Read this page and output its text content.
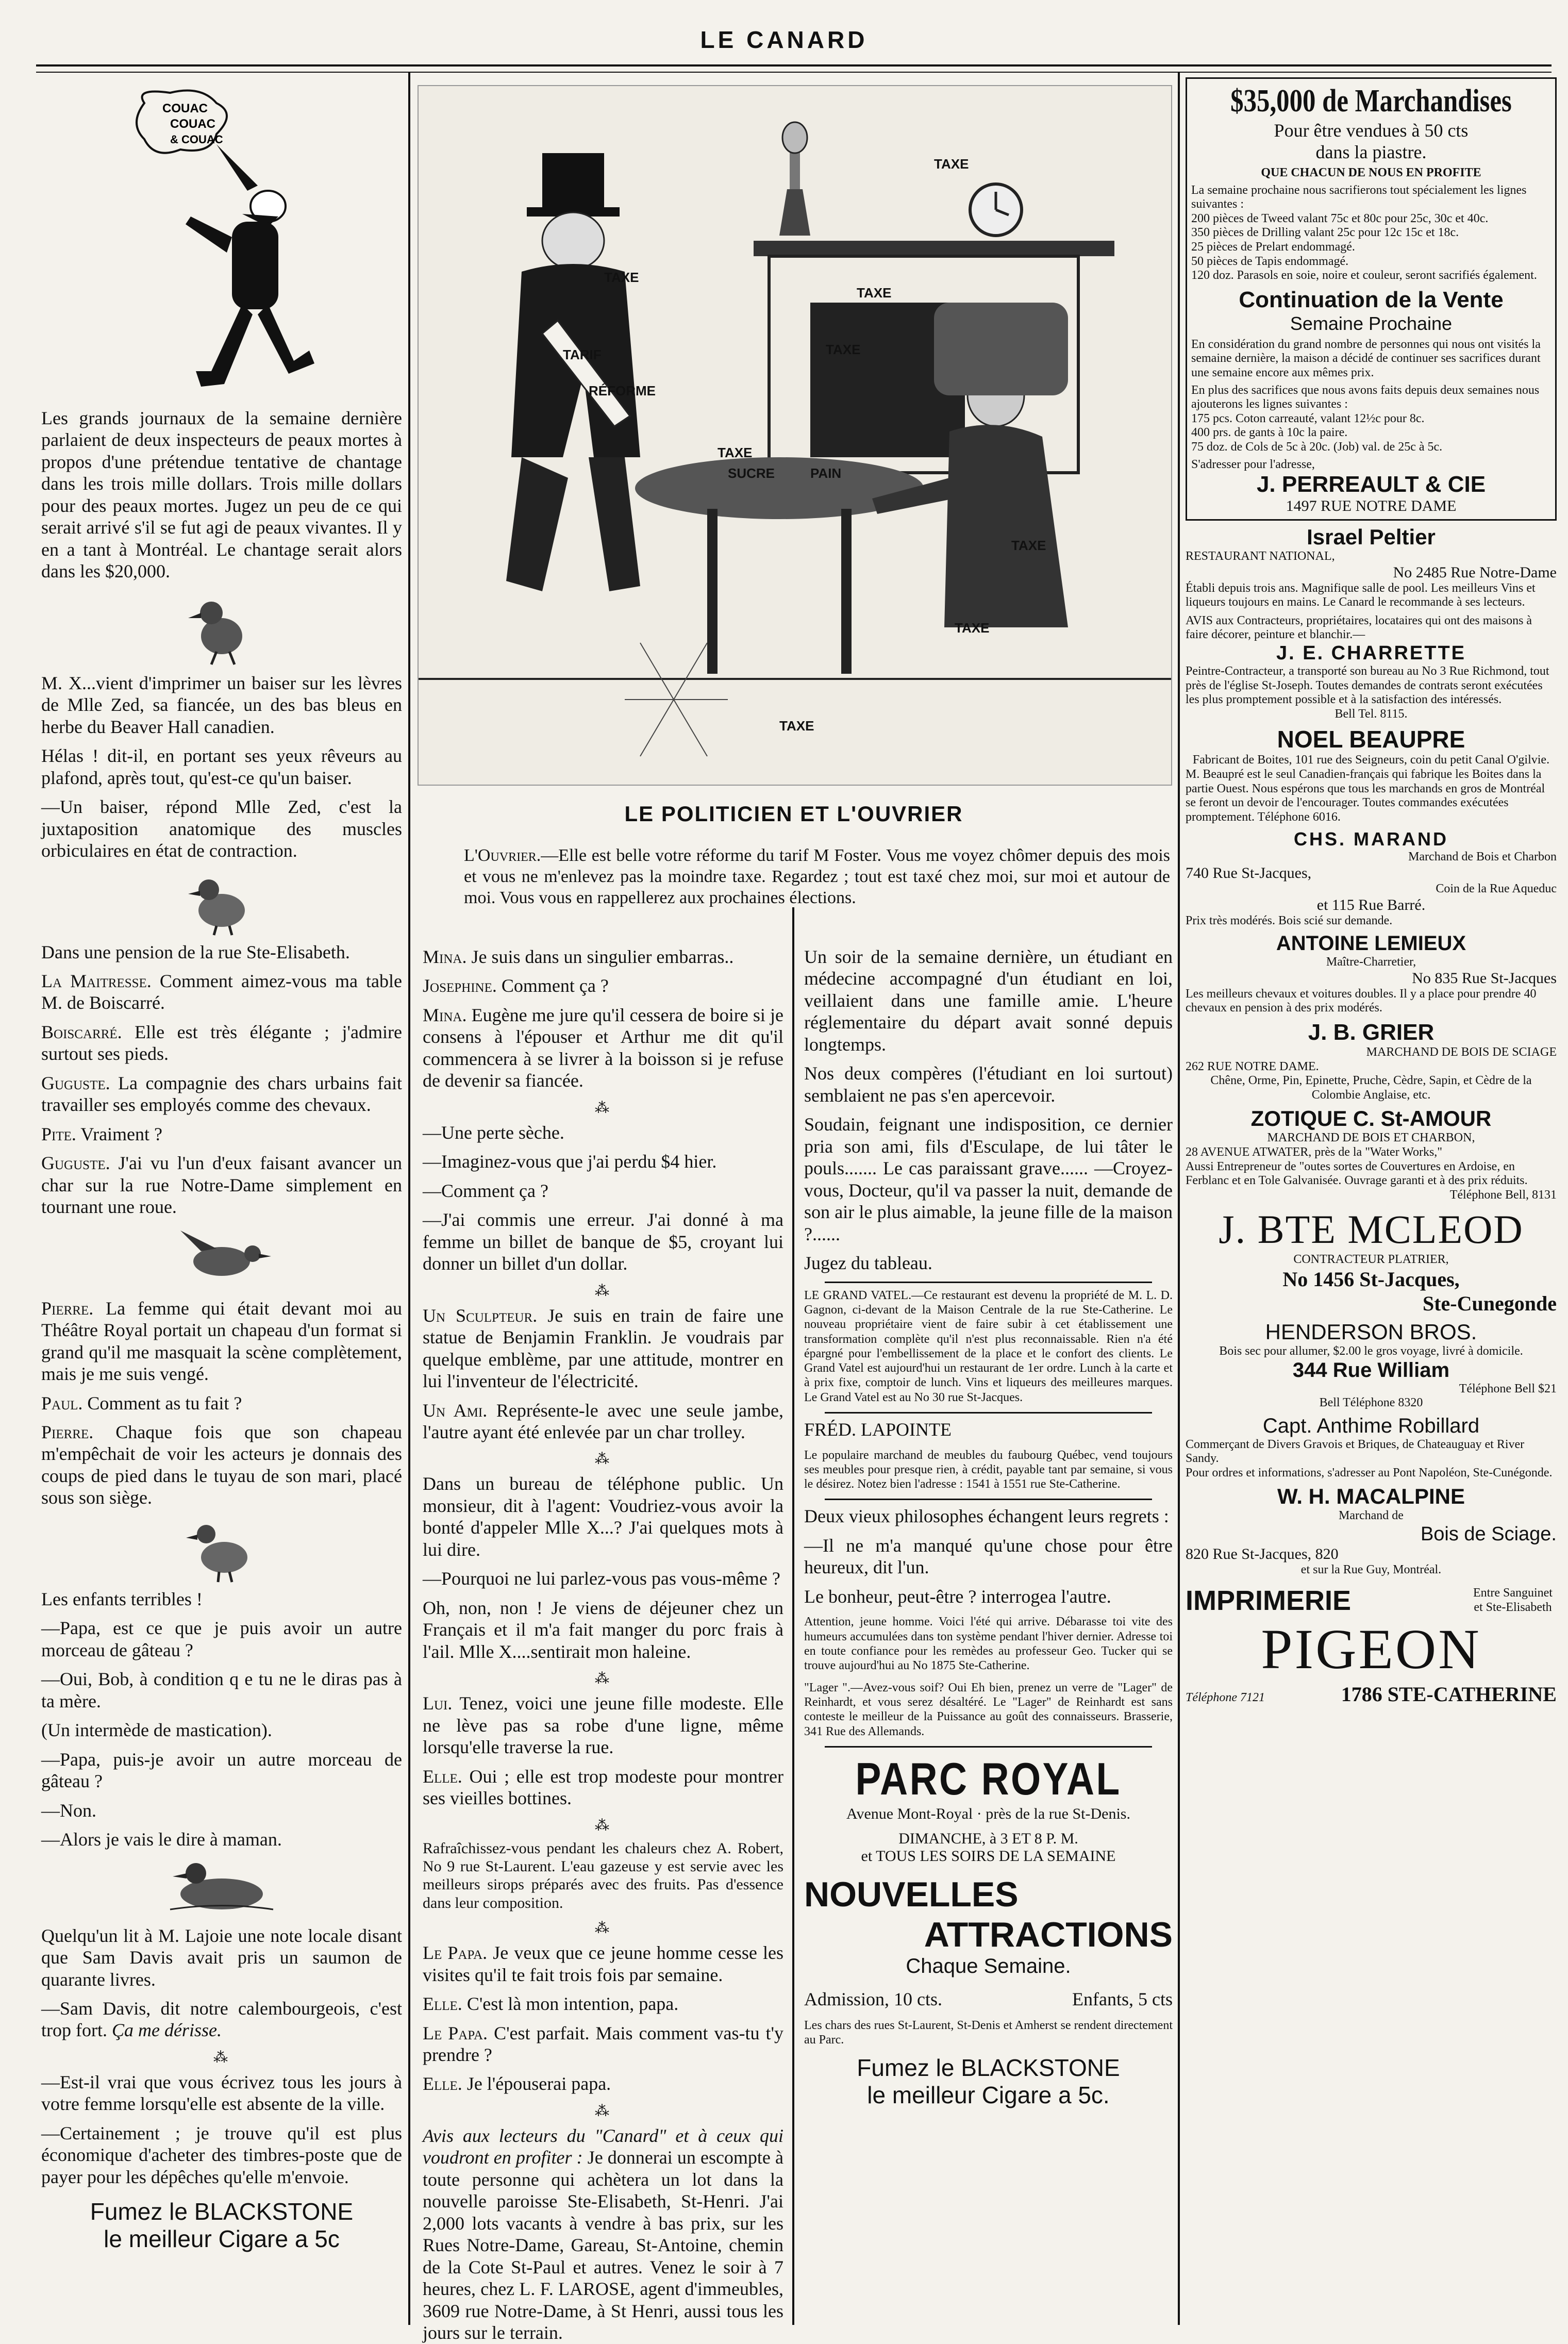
LE CANARD
COUAC
COUAC
& COUAC

Les grands journaux de la semaine dernière parlaient de deux inspecteurs de peaux mortes à propos d'une prétendue tentative de chantage dans les trois mille dollars. Trois mille dollars pour des peaux mortes. Jugez un peu de ce qui serait arrivé s'il se fut agi de peaux vivantes. Il y en a tant à Montréal. Le chantage serait alors dans les $20,000.

M. X...vient d'imprimer un baiser sur les lèvres de Mlle Zed, sa fiancée, un des bas bleus en herbe du Beaver Hall canadien.

Hélas ! dit-il, en portant ses yeux rêveurs au plafond, après tout, qu'est-ce qu'un baiser.

—Un baiser, répond Mlle Zed, c'est la juxtaposition anatomique des muscles orbiculaires en état de contraction.

Dans une pension de la rue Ste-Elisabeth.

La Maitresse. Comment aimez-vous ma table M. de Boiscarré.

Boiscarré. Elle est très élégante ; j'admire surtout ses pieds.

Guguste. La compagnie des chars urbains fait travailler ses employés comme des chevaux.

Pite. Vraiment ?

Guguste. J'ai vu l'un d'eux faisant avancer un char sur la rue Notre-Dame simplement en tournant une roue.

Pierre. La femme qui était devant moi au Théâtre Royal portait un chapeau d'un format si grand qu'il me masquait la scène complètement, mais je me suis vengé.

Paul. Comment as tu fait ?

Pierre. Chaque fois que son chapeau m'empêchait de voir les acteurs je donnais des coups de pied dans le tuyau de son mari, placé sous son siège.

Les enfants terribles !

—Papa, est ce que je puis avoir un autre morceau de gâteau ?

—Oui, Bob, à condition q e tu ne le diras pas à ta mère.

(Un intermède de mastication).

—Papa, puis-je avoir un autre morceau de gâteau ?

—Non.

—Alors je vais le dire à maman.

Quelqu'un lit à M. Lajoie une note locale disant que Sam Davis avait pris un saumon de quarante livres.

—Sam Davis, dit notre calembourgeois, c'est trop fort. Ça me dérisse.

⁂

—Est-il vrai que vous écrivez tous les jours à votre femme lorsqu'elle est absente de la ville.

—Certainement ; je trouve qu'il est plus économique d'acheter des timbres-poste que de payer pour les dépêches qu'elle m'envoie.

Fumez le BLACKSTONE
le meilleur Cigare a 5c
TAXE
TAXE
TAXE
TAXE
TARIF
RÉFORME
TAXE
SUCRE	PAIN
TAXE
TAXE
TAXE
LE POLITICIEN ET L'OUVRIER
L'Ouvrier.—Elle est belle votre réforme du tarif M Foster. Vous me voyez chômer depuis des mois et vous ne m'enlevez pas la moindre taxe. Regardez ; tout est taxé chez moi, sur moi et autour de moi. Vous vous en rappellerez aux prochaines élections.

Mina. Je suis dans un singulier embarras..

Josephine. Comment ça ?

Mina. Eugène me jure qu'il cessera de boire si je consens à l'épouser et Arthur me dit qu'il commencera à se livrer à la boisson si je refuse de devenir sa fiancée.

⁂

—Une perte sèche.

—Imaginez-vous que j'ai perdu $4 hier.

—Comment ça ?

—J'ai commis une erreur. J'ai donné à ma femme un billet de banque de $5, croyant lui donner un billet d'un dollar.

⁂

Un Sculpteur. Je suis en train de faire une statue de Benjamin Franklin. Je voudrais par quelque emblème, par une attitude, montrer en lui l'inventeur de l'électricité.

Un Ami. Représente-le avec une seule jambe, l'autre ayant été enlevée par un char trolley.

⁂

Dans un bureau de téléphone public. Un monsieur, dit à l'agent: Voudriez-vous avoir la bonté d'appeler Mlle X...? J'ai quelques mots à lui dire.

—Pourquoi ne lui parlez-vous pas vous-même ?

Oh, non, non ! Je viens de déjeuner chez un Français et il m'a fait manger du porc frais à l'ail. Mlle X....sentirait mon haleine.

⁂

Lui. Tenez, voici une jeune fille modeste. Elle ne lève pas sa robe d'une ligne, même lorsqu'elle traverse la rue.

Elle. Oui ; elle est trop modeste pour montrer ses vieilles bottines.

⁂

Rafraîchissez-vous pendant les chaleurs chez A. Robert, No 9 rue St-Laurent. L'eau gazeuse y est servie avec les meilleurs sirops préparés avec des fruits. Pas d'essence dans leur composition.

⁂

Le Papa. Je veux que ce jeune homme cesse les visites qu'il te fait trois fois par semaine.

Elle. C'est là mon intention, papa.

Le Papa. C'est parfait. Mais comment vas-tu t'y prendre ?

Elle. Je l'épouserai papa.

⁂

Avis aux lecteurs du "Canard" et à ceux qui voudront en profiter : Je donnerai un escompte à toute personne qui achètera un lot dans la nouvelle paroisse Ste-Elisabeth, St-Henri. J'ai 2,000 lots vacants à vendre à bas prix, sur les Rues Notre-Dame, Gareau, St-Antoine, chemin de la Cote St-Paul et autres. Venez le soir à 7 heures, chez L. F. LAROSE, agent d'immeubles, 3609 rue Notre-Dame, à St Henri, aussi tous les jours sur le terrain.

Un soir de la semaine dernière, un étudiant en médecine accompagné d'un étudiant en loi, veillaient dans une famille amie. L'heure réglementaire du départ avait sonné depuis longtemps.

Nos deux compères (l'étudiant en loi surtout) semblaient ne pas s'en apercevoir.

Soudain, feignant une indisposition, ce dernier pria son ami, fils d'Esculape, de lui tâter le pouls....... Le cas paraissant grave...... —Croyez-vous, Docteur, qu'il va passer la nuit, demande de son air le plus aimable, la jeune fille de la maison ?......

Jugez du tableau.

LE GRAND VATEL.—Ce restaurant est devenu la propriété de M. L. D. Gagnon, ci-devant de la Maison Centrale de la rue Ste-Catherine. Le nouveau propriétaire vient de faire subir à cet établissement une transformation complète qu'il n'est plus reconnaissable. Rien n'a été épargné pour l'embellissement de la place et le confort des clients. Le Grand Vatel est aujourd'hui un restaurant de 1er ordre. Lunch à la carte et à prix fixe, comptoir de lunch. Vins et liqueurs des meilleures marques. Le Grand Vatel est au No 30 rue St-Jacques.

FRÉD. LAPOINTE

Le populaire marchand de meubles du faubourg Québec, vend toujours ses meubles pour presque rien, à crédit, payable tant par semaine, si vous le désirez. Notez bien l'adresse : 1541 à 1551 rue Ste-Catherine.

Deux vieux philosophes échangent leurs regrets :

—Il ne m'a manqué qu'une chose pour être heureux, dit l'un.

Le bonheur, peut-être ? interrogea l'autre.

Attention, jeune homme. Voici l'été qui arrive. Débarasse toi vite des humeurs accumulées dans ton système pendant l'hiver dernier. Adresse toi en toute confiance pour les remèdes au professeur Geo. Tucker qui se trouve aujourd'hui au No 1875 Ste-Catherine.

"Lager ".—Avez-vous soif? Oui Eh bien, prenez un verre de "Lager" de Reinhardt, et vous serez désaltéré. Le "Lager" de Reinhardt est sans conteste le meilleur de la Puissance au goût des connaisseurs. Brasserie, 341 Rue des Allemands.

PARC ROYAL
Avenue Mont-Royal · près de la rue St-Denis.
DIMANCHE, à 3 ET 8 P. M.
et TOUS LES SOIRS DE LA SEMAINE
NOUVELLES
ATTRACTIONS
Chaque Semaine.
Admission, 10 cts.	Enfants, 5 cts

Les chars des rues St-Laurent, St-Denis et Amherst se rendent directement au Parc.

Fumez le BLACKSTONE
le meilleur Cigare a 5c.
$35,000 de Marchandises
Pour être vendues à 50 cts
dans la piastre.
QUE CHACUN DE NOUS EN PROFITE
La semaine prochaine nous sacrifierons tout spécialement les lignes suivantes :
200 pièces de Tweed valant 75c et 80c pour 25c, 30c et 40c.
350 pièces de Drilling valant 25c pour 12c 15c et 18c.
25 pièces de Prelart endommagé.
50 pièces de Tapis endommagé.
120 doz. Parasols en soie, noire et couleur, seront sacrifiés également.
Continuation de la Vente
Semaine Prochaine
En considération du grand nombre de personnes qui nous ont visités la semaine dernière, la maison a décidé de continuer ses sacrifices durant une semaine encore aux mêmes prix.
En plus des sacrifices que nous avons faits depuis deux semaines nous ajouterons les lignes suivantes :
175 pcs. Coton carreauté, valant 12½c pour 8c.
400 prs. de gants à 10c la paire.
75 doz. de Cols de 5c à 20c. (Job) val. de 25c à 5c.
S'adresser pour l'adresse,
J. PERREAULT & CIE
1497 RUE NOTRE DAME
Israel Peltier
RESTAURANT NATIONAL,
No 2485 Rue Notre-Dame
Établi depuis trois ans. Magnifique salle de pool. Les meilleurs Vins et liqueurs toujours en mains. Le Canard le recommande à ses lecteurs.
AVIS aux Contracteurs, propriétaires, locataires qui ont des maisons à faire décorer, peinture et blanchir.—
J. E. CHARRETTE
Peintre-Contracteur, a transporté son bureau au No 3 Rue Richmond, tout près de l'église St-Joseph. Toutes demandes de contrats seront exécutées les plus promptement possible et à la satisfaction des intéressés.
Bell Tel. 8115.
NOEL BEAUPRE
Fabricant de Boites, 101 rue des Seigneurs, coin du petit Canal O'gilvie.
M. Beaupré est le seul Canadien-français qui fabrique les Boites dans la partie Ouest. Nous espérons que tous les marchands en gros de Montréal se feront un devoir de l'encourager. Toutes commandes exécutées promptement. Téléphone 6016.
CHS. MARAND
Marchand de Bois et Charbon
740 Rue St-Jacques,
Coin de la Rue Aqueduc
et 115 Rue Barré.
Prix très modérés. Bois scié sur demande.
ANTOINE LEMIEUX
Maître-Charretier,
No 835 Rue St-Jacques
Les meilleurs chevaux et voitures doubles. Il y a place pour prendre 40 chevaux en pension à des prix modérés.
J. B. GRIER
MARCHAND DE BOIS DE SCIAGE
262 RUE NOTRE DAME.
Chêne, Orme, Pin, Epinette, Pruche, Cèdre, Sapin, et Cèdre de la Colombie Anglaise, etc.
ZOTIQUE C. St-AMOUR
MARCHAND DE BOIS ET CHARBON,
28 AVENUE ATWATER, près de la "Water Works,"
Aussi Entrepreneur de "outes sortes de Couvertures en Ardoise, en Ferblanc et en Tole Galvanisée. Ouvrage garanti et à des prix réduits.
Téléphone Bell, 8131
J. BTE MCLEOD
CONTRACTEUR PLATRIER,
No 1456 St-Jacques,
Ste-Cunegonde
HENDERSON BROS.
Bois sec pour allumer, $2.00 le gros voyage, livré à domicile.
344 Rue William
Téléphone Bell $21
Bell Téléphone 8320
Capt. Anthime Robillard
Commerçant de Divers Gravois et Briques, de Chateauguay et River Sandy.
Pour ordres et informations, s'adresser au Pont Napoléon, Ste-Cunégonde.
W. H. MACALPINE
Marchand de
Bois de Sciage.
820 Rue St-Jacques, 820
et sur la Rue Guy, Montréal.
IMPRIMERIE	Entre Sanguinet et Ste-Elisabeth
PIGEON
Téléphone 7121	1786 STE-CATHERINE
